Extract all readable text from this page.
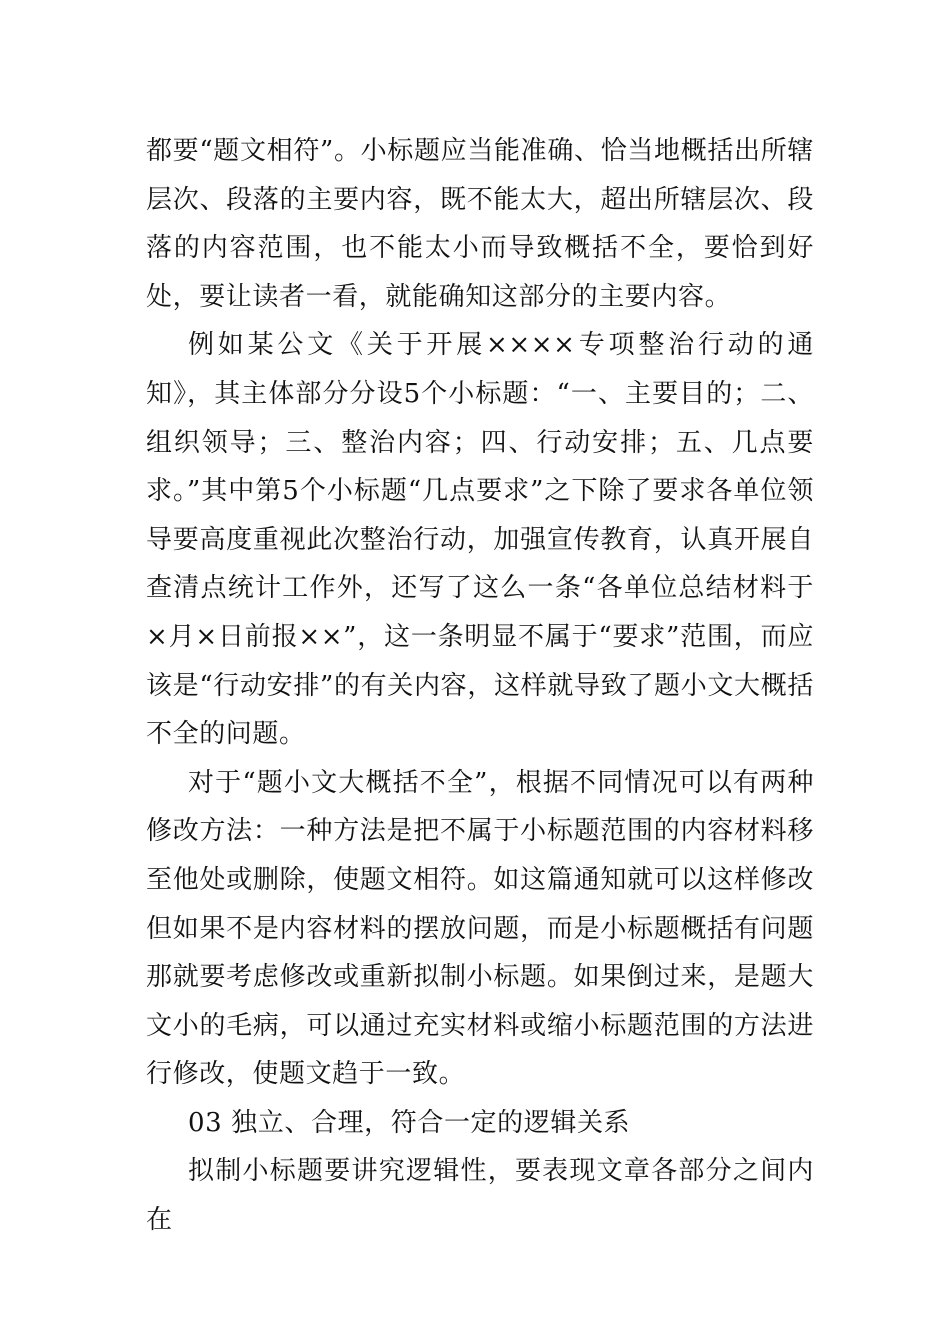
都要“题文相符”。小标题应当能准确、恰当地概括出所辖层次、段落的主要内容，既不能太大，超出所辖层次、段落的内容范围，也不能太小而导致概括不全，要恰到好处，要让读者一看，就能确知这部分的主要内容。

例如某公文《关于开展××××专项整治行动的通知》，其主体部分分设5个小标题：“一、主要目的；二、组织领导；三、整治内容；四、行动安排；五、几点要求。”其中第5个小标题“几点要求”之下除了要求各单位领导要高度重视此次整治行动，加强宣传教育，认真开展自查清点统计工作外，还写了这么一条“各单位总结材料于×月×日前报××”，这一条明显不属于“要求”范围，而应该是“行动安排”的有关内容，这样就导致了题小文大概括不全的问题。

对于“题小文大概括不全”，根据不同情况可以有两种修改方法：一种方法是把不属于小标题范围的内容材料移至他处或删除，使题文相符。如这篇通知就可以这样修改但如果不是内容材料的摆放问题，而是小标题概括有问题那就要考虑修改或重新拟制小标题。如果倒过来，是题大文小的毛病，可以通过充实材料或缩小标题范围的方法进行修改，使题文趋于一致。

03 独立、合理，符合一定的逻辑关系

拟制小标题要讲究逻辑性，要表现文章各部分之间内在
